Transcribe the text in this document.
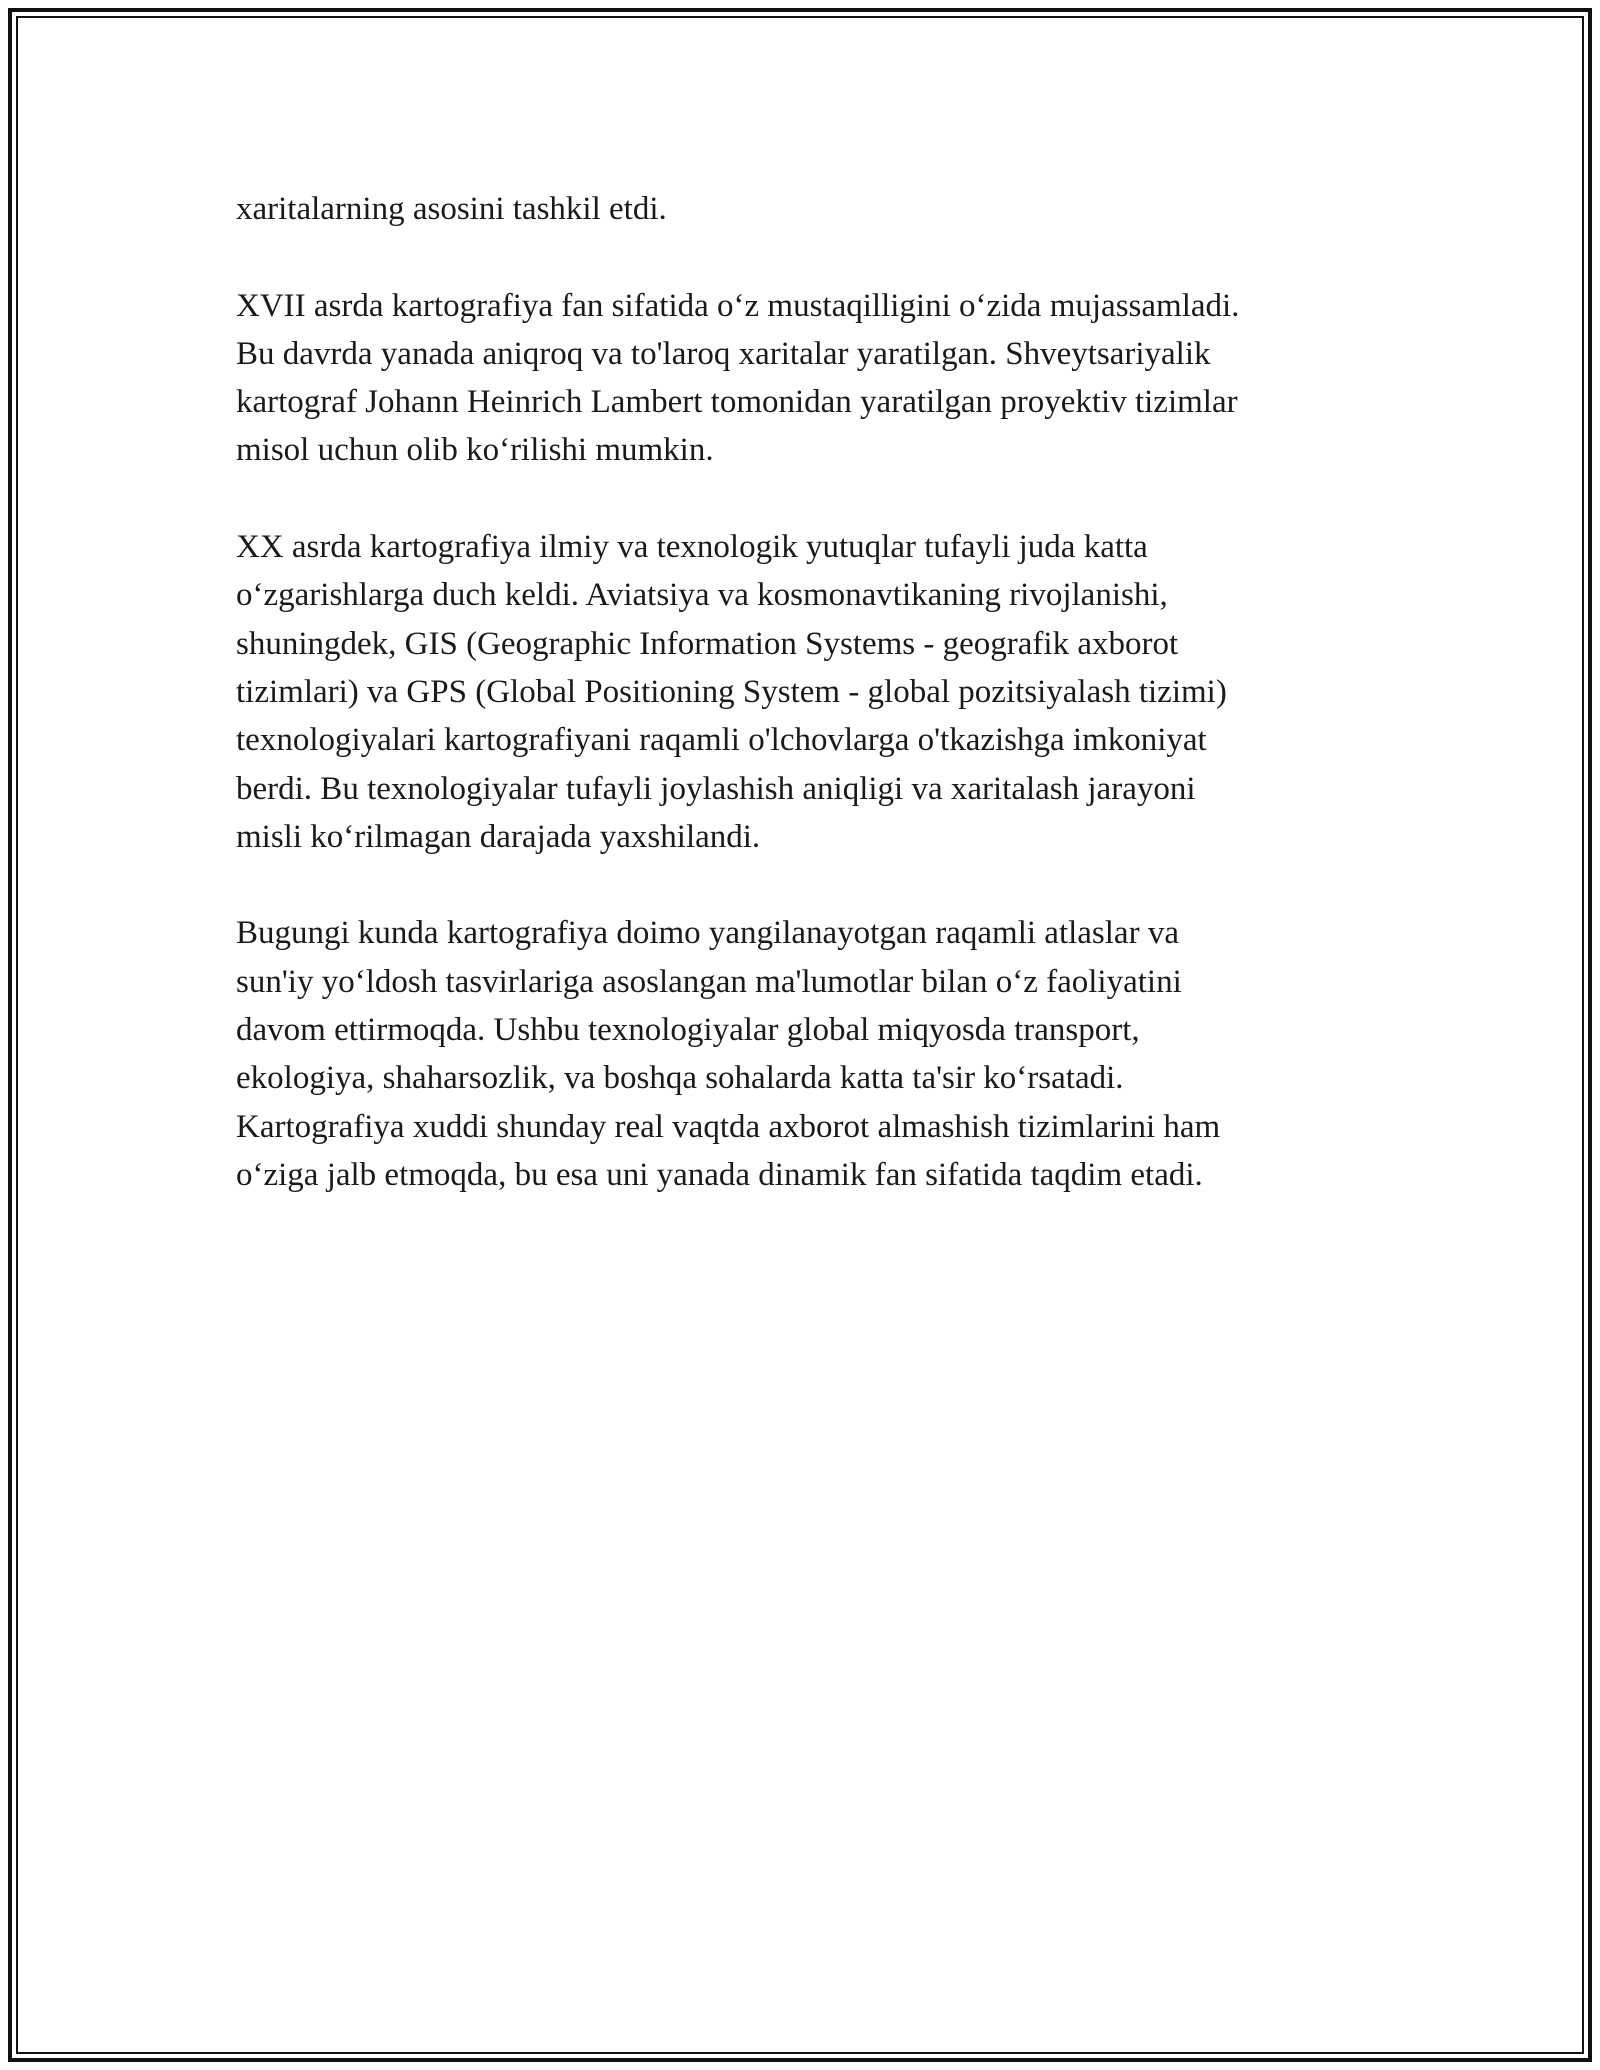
xaritalarning asosini tashkil etdi.

XVII asrda kartografiya fan sifatida o‘z mustaqilligini o‘zida mujassamladi.
Bu davrda yanada aniqroq va to'laroq xaritalar yaratilgan. Shveytsariyalik
kartograf Johann Heinrich Lambert tomonidan yaratilgan proyektiv tizimlar
misol uchun olib ko‘rilishi mumkin.

XX asrda kartografiya ilmiy va texnologik yutuqlar tufayli juda katta
o‘zgarishlarga duch keldi. Aviatsiya va kosmonavtikaning rivojlanishi,
shuningdek, GIS (Geographic Information Systems - geografik axborot
tizimlari) va GPS (Global Positioning System - global pozitsiyalash tizimi)
texnologiyalari kartografiyani raqamli o'lchovlarga o'tkazishga imkoniyat
berdi. Bu texnologiyalar tufayli joylashish aniqligi va xaritalash jarayoni
misli ko‘rilmagan darajada yaxshilandi.

Bugungi kunda kartografiya doimo yangilanayotgan raqamli atlaslar va
sun'iy yo‘ldosh tasvirlariga asoslangan ma'lumotlar bilan o‘z faoliyatini
davom ettirmoqda. Ushbu texnologiyalar global miqyosda transport,
ekologiya, shaharsozlik, va boshqa sohalarda katta ta'sir ko‘rsatadi.
Kartografiya xuddi shunday real vaqtda axborot almashish tizimlarini ham
o‘ziga jalb etmoqda, bu esa uni yanada dinamik fan sifatida taqdim etadi.
